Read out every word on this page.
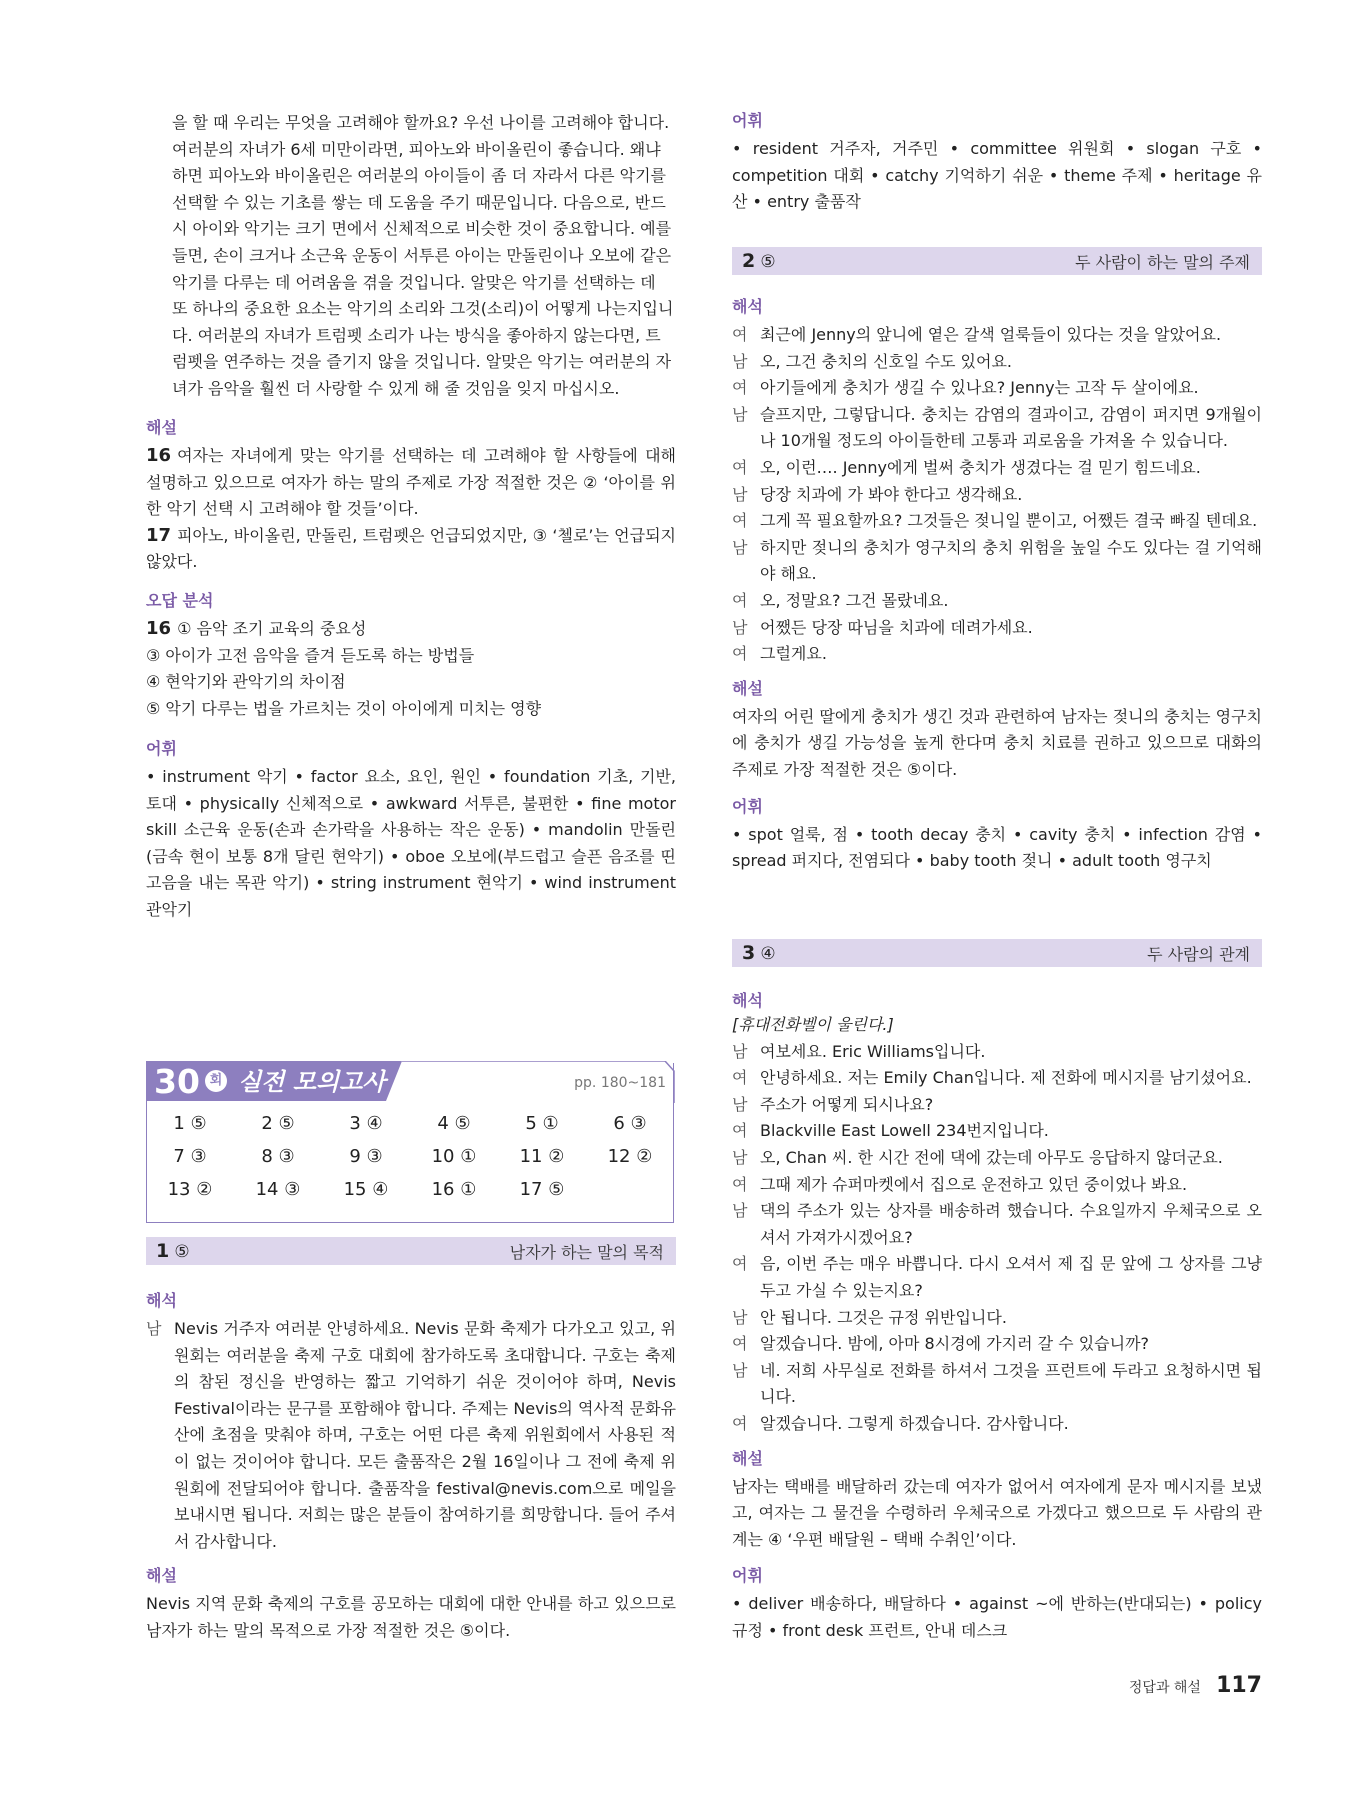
을 할 때 우리는 무엇을 고려해야 할까요? 우선 나이를 고려해야 합니다.

여러분의 자녀가 6세 미만이라면, 피아노와 바이올린이 좋습니다. 왜냐

하면 피아노와 바이올린은 여러분의 아이들이 좀 더 자라서 다른 악기를

선택할 수 있는 기초를 쌓는 데 도움을 주기 때문입니다. 다음으로, 반드

시 아이와 악기는 크기 면에서 신체적으로 비슷한 것이 중요합니다. 예를

들면, 손이 크거나 소근육 운동이 서투른 아이는 만돌린이나 오보에 같은

악기를 다루는 데 어려움을 겪을 것입니다. 알맞은 악기를 선택하는 데

또 하나의 중요한 요소는 악기의 소리와 그것(소리)이 어떻게 나는지입니

다. 여러분의 자녀가 트럼펫 소리가 나는 방식을 좋아하지 않는다면, 트

럼펫을 연주하는 것을 즐기지 않을 것입니다. 알맞은 악기는 여러분의 자

녀가 음악을 훨씬 더 사랑할 수 있게 해 줄 것임을 잊지 마십시오.

해설

16 여자는 자녀에게 맞는 악기를 선택하는 데 고려해야 할 사항들에 대해 설명하고 있으므로 여자가 하는 말의 주제로 가장 적절한 것은 ② ‘아이를 위한 악기 선택 시 고려해야 할 것들’이다.

17 피아노, 바이올린, 만돌린, 트럼펫은 언급되었지만, ③ ‘첼로’는 언급되지 않았다.

오답 분석

16 ① 음악 조기 교육의 중요성

③ 아이가 고전 음악을 즐겨 듣도록 하는 방법들

④ 현악기와 관악기의 차이점

⑤ 악기 다루는 법을 가르치는 것이 아이에게 미치는 영향

어휘

• instrument 악기 • factor 요소, 요인, 원인 • foundation 기초, 기반, 토대 • physically 신체적으로 • awkward 서투른, 불편한 • fine motor skill 소근육 운동(손과 손가락을 사용하는 작은 운동) • mandolin 만돌린(금속 현이 보통 8개 달린 현악기) • oboe 오보에(부드럽고 슬픈 음조를 띤 고음을 내는 목관 악기) • string instrument 현악기 • wind instrument 관악기

30 회 실전 모의고사	pp. 180~181
1 ⑤	2 ⑤	3 ④	4 ⑤	5 ①	6 ③
7 ③	8 ③	9 ③	10 ①	11 ②	12 ②
13 ②	14 ③	15 ④	16 ①	17 ⑤
1 ⑤	남자가 하는 말의 목적

해석

남 Nevis 거주자 여러분 안녕하세요. Nevis 문화 축제가 다가오고 있고, 위원회는 여러분을 축제 구호 대회에 참가하도록 초대합니다. 구호는 축제의 참된 정신을 반영하는 짧고 기억하기 쉬운 것이어야 하며, Nevis Festival이라는 문구를 포함해야 합니다. 주제는 Nevis의 역사적 문화유산에 초점을 맞춰야 하며, 구호는 어떤 다른 축제 위원회에서 사용된 적이 없는 것이어야 합니다. 모든 출품작은 2월 16일이나 그 전에 축제 위원회에 전달되어야 합니다. 출품작을 festival@nevis.com으로 메일을 보내시면 됩니다. 저희는 많은 분들이 참여하기를 희망합니다. 들어 주셔서 감사합니다.

해설

Nevis 지역 문화 축제의 구호를 공모하는 대회에 대한 안내를 하고 있으므로 남자가 하는 말의 목적으로 가장 적절한 것은 ⑤이다.

어휘

• resident 거주자, 거주민 • committee 위원회 • slogan 구호 • competition 대회 • catchy 기억하기 쉬운 • theme 주제 • heritage 유산 • entry 출품작

2 ⑤	두 사람이 하는 말의 주제

해석

여 최근에 Jenny의 앞니에 옅은 갈색 얼룩들이 있다는 것을 알았어요.
남 오, 그건 충치의 신호일 수도 있어요.
여 아기들에게 충치가 생길 수 있나요? Jenny는 고작 두 살이에요.
남 슬프지만, 그렇답니다. 충치는 감염의 결과이고, 감염이 퍼지면 9개월이나 10개월 정도의 아이들한테 고통과 괴로움을 가져올 수 있습니다.
여 오, 이런…. Jenny에게 벌써 충치가 생겼다는 걸 믿기 힘드네요.
남 당장 치과에 가 봐야 한다고 생각해요.
여 그게 꼭 필요할까요? 그것들은 젖니일 뿐이고, 어쨌든 결국 빠질 텐데요.
남 하지만 젖니의 충치가 영구치의 충치 위험을 높일 수도 있다는 걸 기억해야 해요.
여 오, 정말요? 그건 몰랐네요.
남 어쨌든 당장 따님을 치과에 데려가세요.
여 그럴게요.

해설

여자의 어린 딸에게 충치가 생긴 것과 관련하여 남자는 젖니의 충치는 영구치에 충치가 생길 가능성을 높게 한다며 충치 치료를 권하고 있으므로 대화의 주제로 가장 적절한 것은 ⑤이다.

어휘

• spot 얼룩, 점 • tooth decay 충치 • cavity 충치 • infection 감염 • spread 퍼지다, 전염되다 • baby tooth 젖니 • adult tooth 영구치

3 ④	두 사람의 관계

해석

[휴대전화벨이 울린다.]

남 여보세요. Eric Williams입니다.
여 안녕하세요. 저는 Emily Chan입니다. 제 전화에 메시지를 남기셨어요.
남 주소가 어떻게 되시나요?
여 Blackville East Lowell 234번지입니다.
남 오, Chan 씨. 한 시간 전에 댁에 갔는데 아무도 응답하지 않더군요.
여 그때 제가 슈퍼마켓에서 집으로 운전하고 있던 중이었나 봐요.
남 댁의 주소가 있는 상자를 배송하려 했습니다. 수요일까지 우체국으로 오셔서 가져가시겠어요?
여 음, 이번 주는 매우 바쁩니다. 다시 오셔서 제 집 문 앞에 그 상자를 그냥 두고 가실 수 있는지요?
남 안 됩니다. 그것은 규정 위반입니다.
여 알겠습니다. 밤에, 아마 8시경에 가지러 갈 수 있습니까?
남 네. 저희 사무실로 전화를 하셔서 그것을 프런트에 두라고 요청하시면 됩니다.
여 알겠습니다. 그렇게 하겠습니다. 감사합니다.

해설

남자는 택배를 배달하러 갔는데 여자가 없어서 여자에게 문자 메시지를 보냈고, 여자는 그 물건을 수령하러 우체국으로 가겠다고 했으므로 두 사람의 관계는 ④ ‘우편 배달원 – 택배 수취인’이다.

어휘

• deliver 배송하다, 배달하다 • against ~에 반하는(반대되는) • policy 규정 • front desk 프런트, 안내 데스크

정답과 해설 117
